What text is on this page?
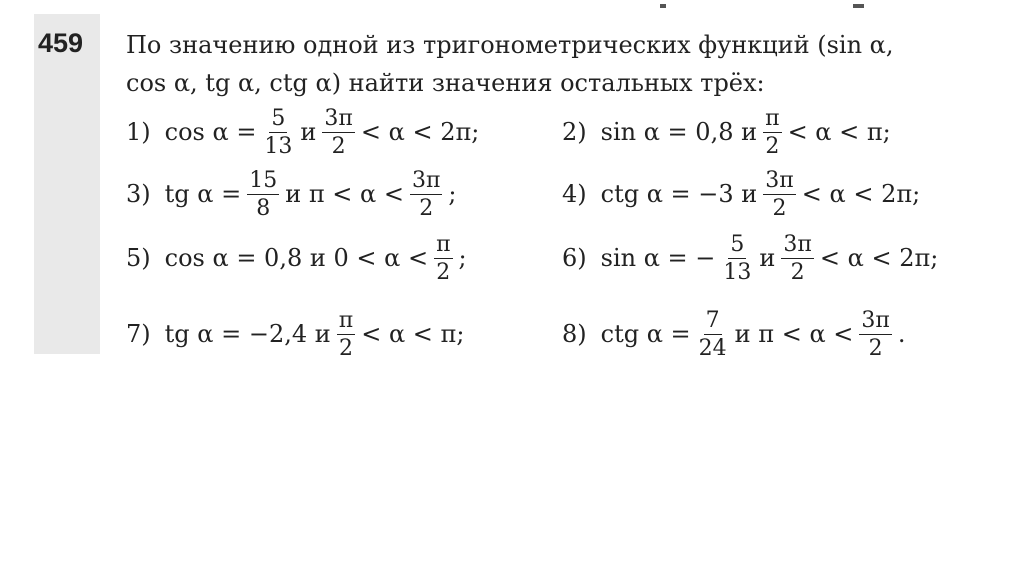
459 По значению одной из тригонометрических функций (sin α,
cos α, tg α, ctg α) найти значения остальных трёх:
1) $\cos \alpha = \frac{5}{13}$ и $\frac{3\pi}{2} < \alpha < 2\pi$;	2) sin α = 0,8 и $\frac{\pi}{2} < \alpha < \pi$;
3) tg $\alpha = \frac{15}{8}$ и $\pi < \alpha < \frac{3\pi}{2}$ ;	4) ctg α = −3 и $\frac{3\pi}{2} < \alpha < 2\pi$;
5) cos α = 0,8 и $0 < \alpha < \frac{\pi}{2}$ ;	6) sin α = − $\frac{5}{13}$ и $\frac{3\pi}{2} < \alpha < 2\pi$;
7) tg α = −2,4 и $\frac{\pi}{2} < \alpha < \pi$;	8) ctg $\alpha = \frac{7}{24}$ и $\pi < \alpha < \frac{3\pi}{2}$ .
